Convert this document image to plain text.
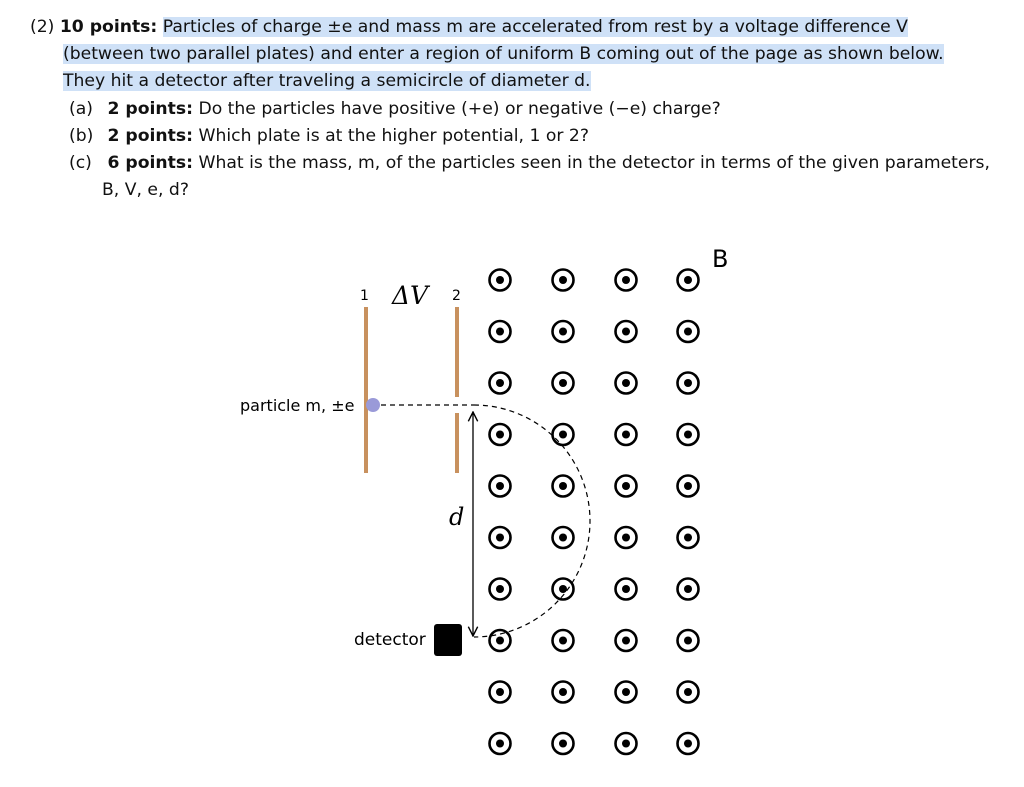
(2) 10 points: Particles of charge ±e and mass m are accelerated from rest by a voltage difference V (between two parallel plates) and enter a region of uniform B coming out of the page as shown below. They hit a detector after traveling a semicircle of diameter d.
(a) 2 points: Do the particles have positive (+e) or negative (−e) charge?
(b) 2 points: Which plate is at the higher potential, 1 or 2?
(c) 6 points: What is the mass, m, of the particles seen in the detector in terms of the given parameters, B, V, e, d?
B
1	2
ΔV
particle m, ±e
d
detector
